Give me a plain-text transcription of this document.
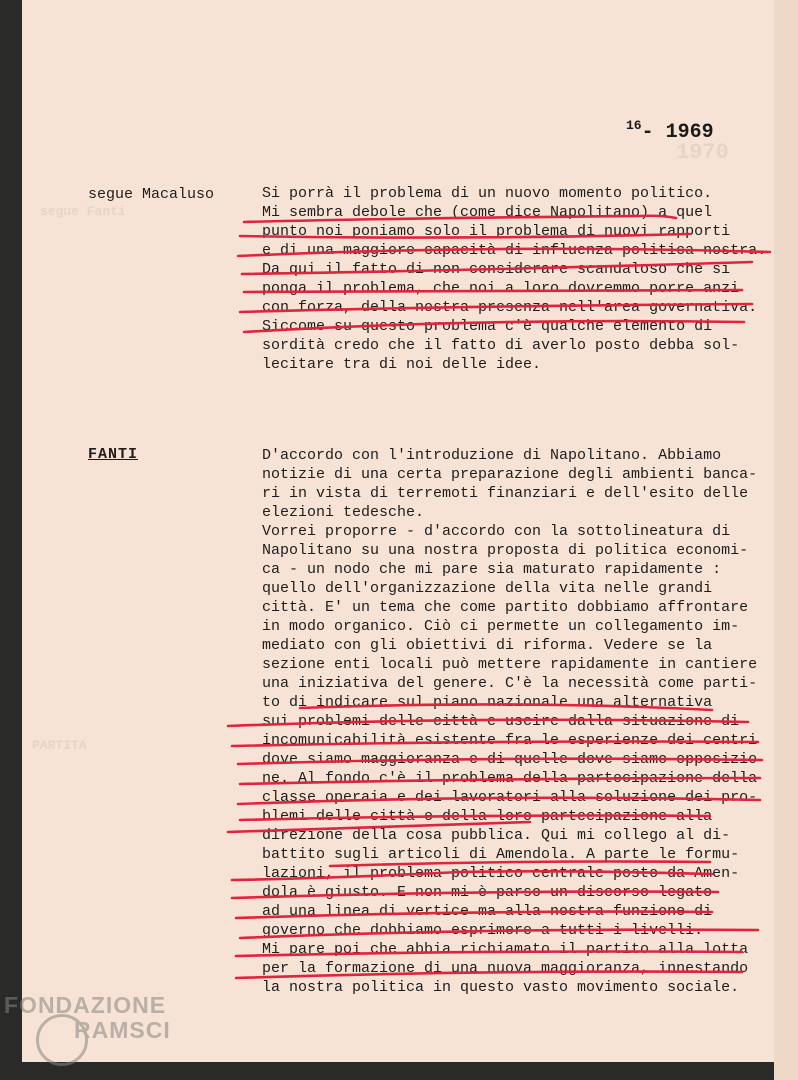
1970
segue Fanti
PARTITA
$^{16}$- 1969
segue Macaluso	Si porrà il problema di un nuovo momento politico.
Mi sembra debole che (come dice Napolitano) a quel
punto noi poniamo solo il problema di nuovi rapporti
e di una maggiore capacità di influenza politica nostra.
Da qui il fatto di non considerare scandaloso che si
ponga il problema, che noi a loro dovremmo porre anzi
con forza, della nostra presenza nell'area governativa.
Siccome su questo problema c'è qualche elemento di
sordità credo che il fatto di averlo posto debba sol-
lecitare tra di noi delle idee.
FANTI	D'accordo con l'introduzione di Napolitano. Abbiamo
notizie di una certa preparazione degli ambienti banca-
ri in vista di terremoti finanziari e dell'esito delle
elezioni tedesche.
Vorrei proporre - d'accordo con la sottolineatura di
Napolitano su una nostra proposta di politica economi-
ca - un nodo che mi pare sia maturato rapidamente :
quello dell'organizzazione della vita nelle grandi
città. E' un tema che come partito dobbiamo affrontare
in modo organico. Ciò ci permette un collegamento im-
mediato con gli obiettivi di riforma. Vedere se la
sezione enti locali può mettere rapidamente in cantiere
una iniziativa del genere. C'è la necessità come parti-
to di indicare sul piano nazionale una alternativa
sui problemi delle città e uscire dalla situazione di
incomunicabilità esistente fra le esperienze dei centri
dove siamo maggioranza e di quelle dove siamo opposizio
ne. Al fondo c'è il problema della partecipazione della
classe operaia e dei lavoratori alla soluzione dei pro-
blemi delle città e della loro partecipazione alla
direzione della cosa pubblica. Qui mi collego al di-
battito sugli articoli di Amendola. A parte le formu-
lazioni, il problema politico centrale posto da Amen-
dola è giusto. E non mi è parso un discorso legato
ad una linea di vertice ma alla nostra funzione di
governo che dobbiamo esprimere a tutti i livelli.
Mi pare poi che abbia richiamato il partito alla lotta
per la formazione di una nuova maggioranza, innestando
la nostra politica in questo vasto movimento sociale.
FONDAZIONE
RAMSCI
